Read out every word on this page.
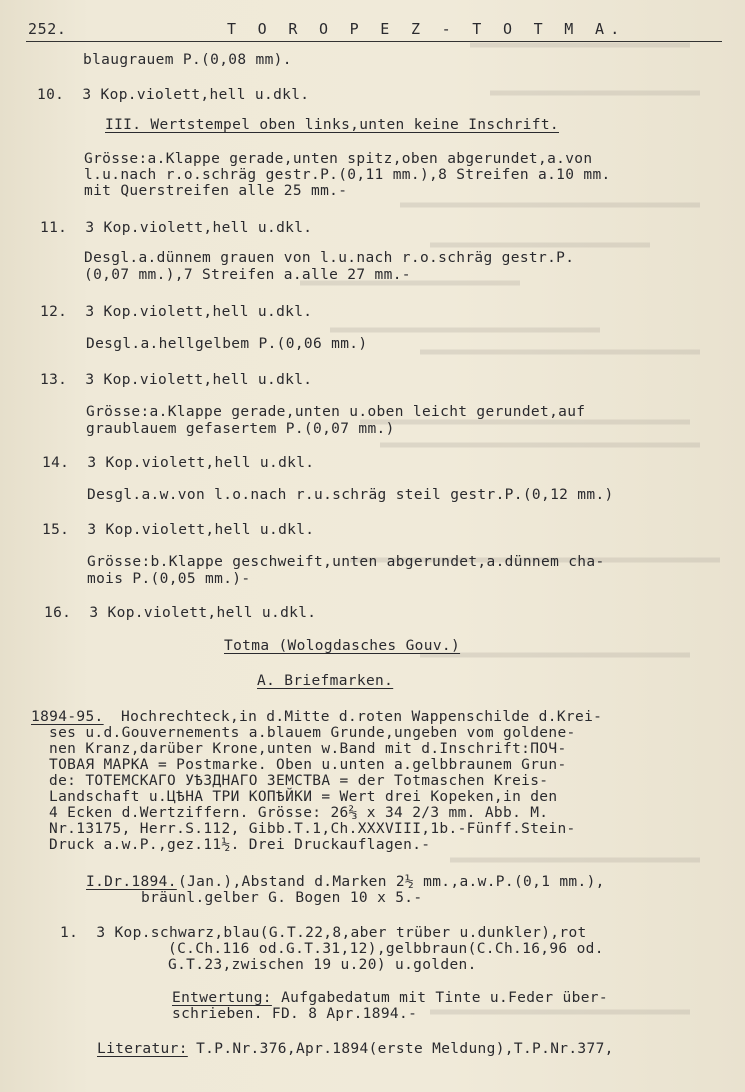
252.	T O R O P E Z - T O T M A.
blaugrauem P.(0,08 mm).
10.  3 Kop.violett,hell u.dkl.
III. Wertstempel oben links,unten keine Inschrift.
Grösse:a.Klappe gerade,unten spitz,oben abgerundet,a.von
l.u.nach r.o.schräg gestr.P.(0,11 mm.),8 Streifen a.10 mm.
mit Querstreifen alle 25 mm.-
11.  3 Kop.violett,hell u.dkl.
Desgl.a.dünnem grauen von l.u.nach r.o.schräg gestr.P.
(0,07 mm.),7 Streifen a.alle 27 mm.-
12.  3 Kop.violett,hell u.dkl.
Desgl.a.hellgelbem P.(0,06 mm.)
13.  3 Kop.violett,hell u.dkl.
Grösse:a.Klappe gerade,unten u.oben leicht gerundet,auf
graublauem gefasertem P.(0,07 mm.)
14.  3 Kop.violett,hell u.dkl.
Desgl.a.w.von l.o.nach r.u.schräg steil gestr.P.(0,12 mm.)
15.  3 Kop.violett,hell u.dkl.
Grösse:b.Klappe geschweift,unten abgerundet,a.dünnem cha-
mois P.(0,05 mm.)-
16.  3 Kop.violett,hell u.dkl.
Totma (Wologdasches Gouv.)
A. Briefmarken.
1894-95. Hochrechteck,in d.Mitte d.roten Wappenschilde d.Krei-
ses u.d.Gouvernements a.blauem Grunde,ungeben vom goldene-
nen Kranz,darüber Krone,unten w.Band mit d.Inschrift:ПОЧ-
ТОВАЯ МАРКА = Postmarke. Oben u.unten a.gelbbraunem Grun-
de: ТОТЕМСКАГО УѢЗДНАГО ЗЕМСТВА = der Totmaschen Kreis-
Landschaft u.ЦѢНА ТРИ КОПѢЙКИ = Wert drei Kopeken,in den
4 Ecken d.Wertziffern. Grösse: 26⅔ x 34 2/3 mm. Abb. M.
Nr.13175, Herr.S.112, Gibb.T.1,Ch.XXXVIII,1b.-Fünff.Stein-
Druck a.w.P.,gez.11½. Drei Druckauflagen.-
I.Dr.1894. (Jan.),Abstand d.Marken 2½ mm.,a.w.P.(0,1 mm.),
bräunl.gelber G. Bogen 10 x 5.-
1.  3 Kop.schwarz,blau(G.T.22,8,aber trüber u.dunkler),rot
(C.Ch.116 od.G.T.31,12),gelbbraun(C.Ch.16,96 od.
G.T.23,zwischen 19 u.20) u.golden.
Entwertung: Aufgabedatum mit Tinte u.Feder über-
schrieben. FD. 8 Apr.1894.-
Literatur: T.P.Nr.376,Apr.1894(erste Meldung),T.P.Nr.377,
